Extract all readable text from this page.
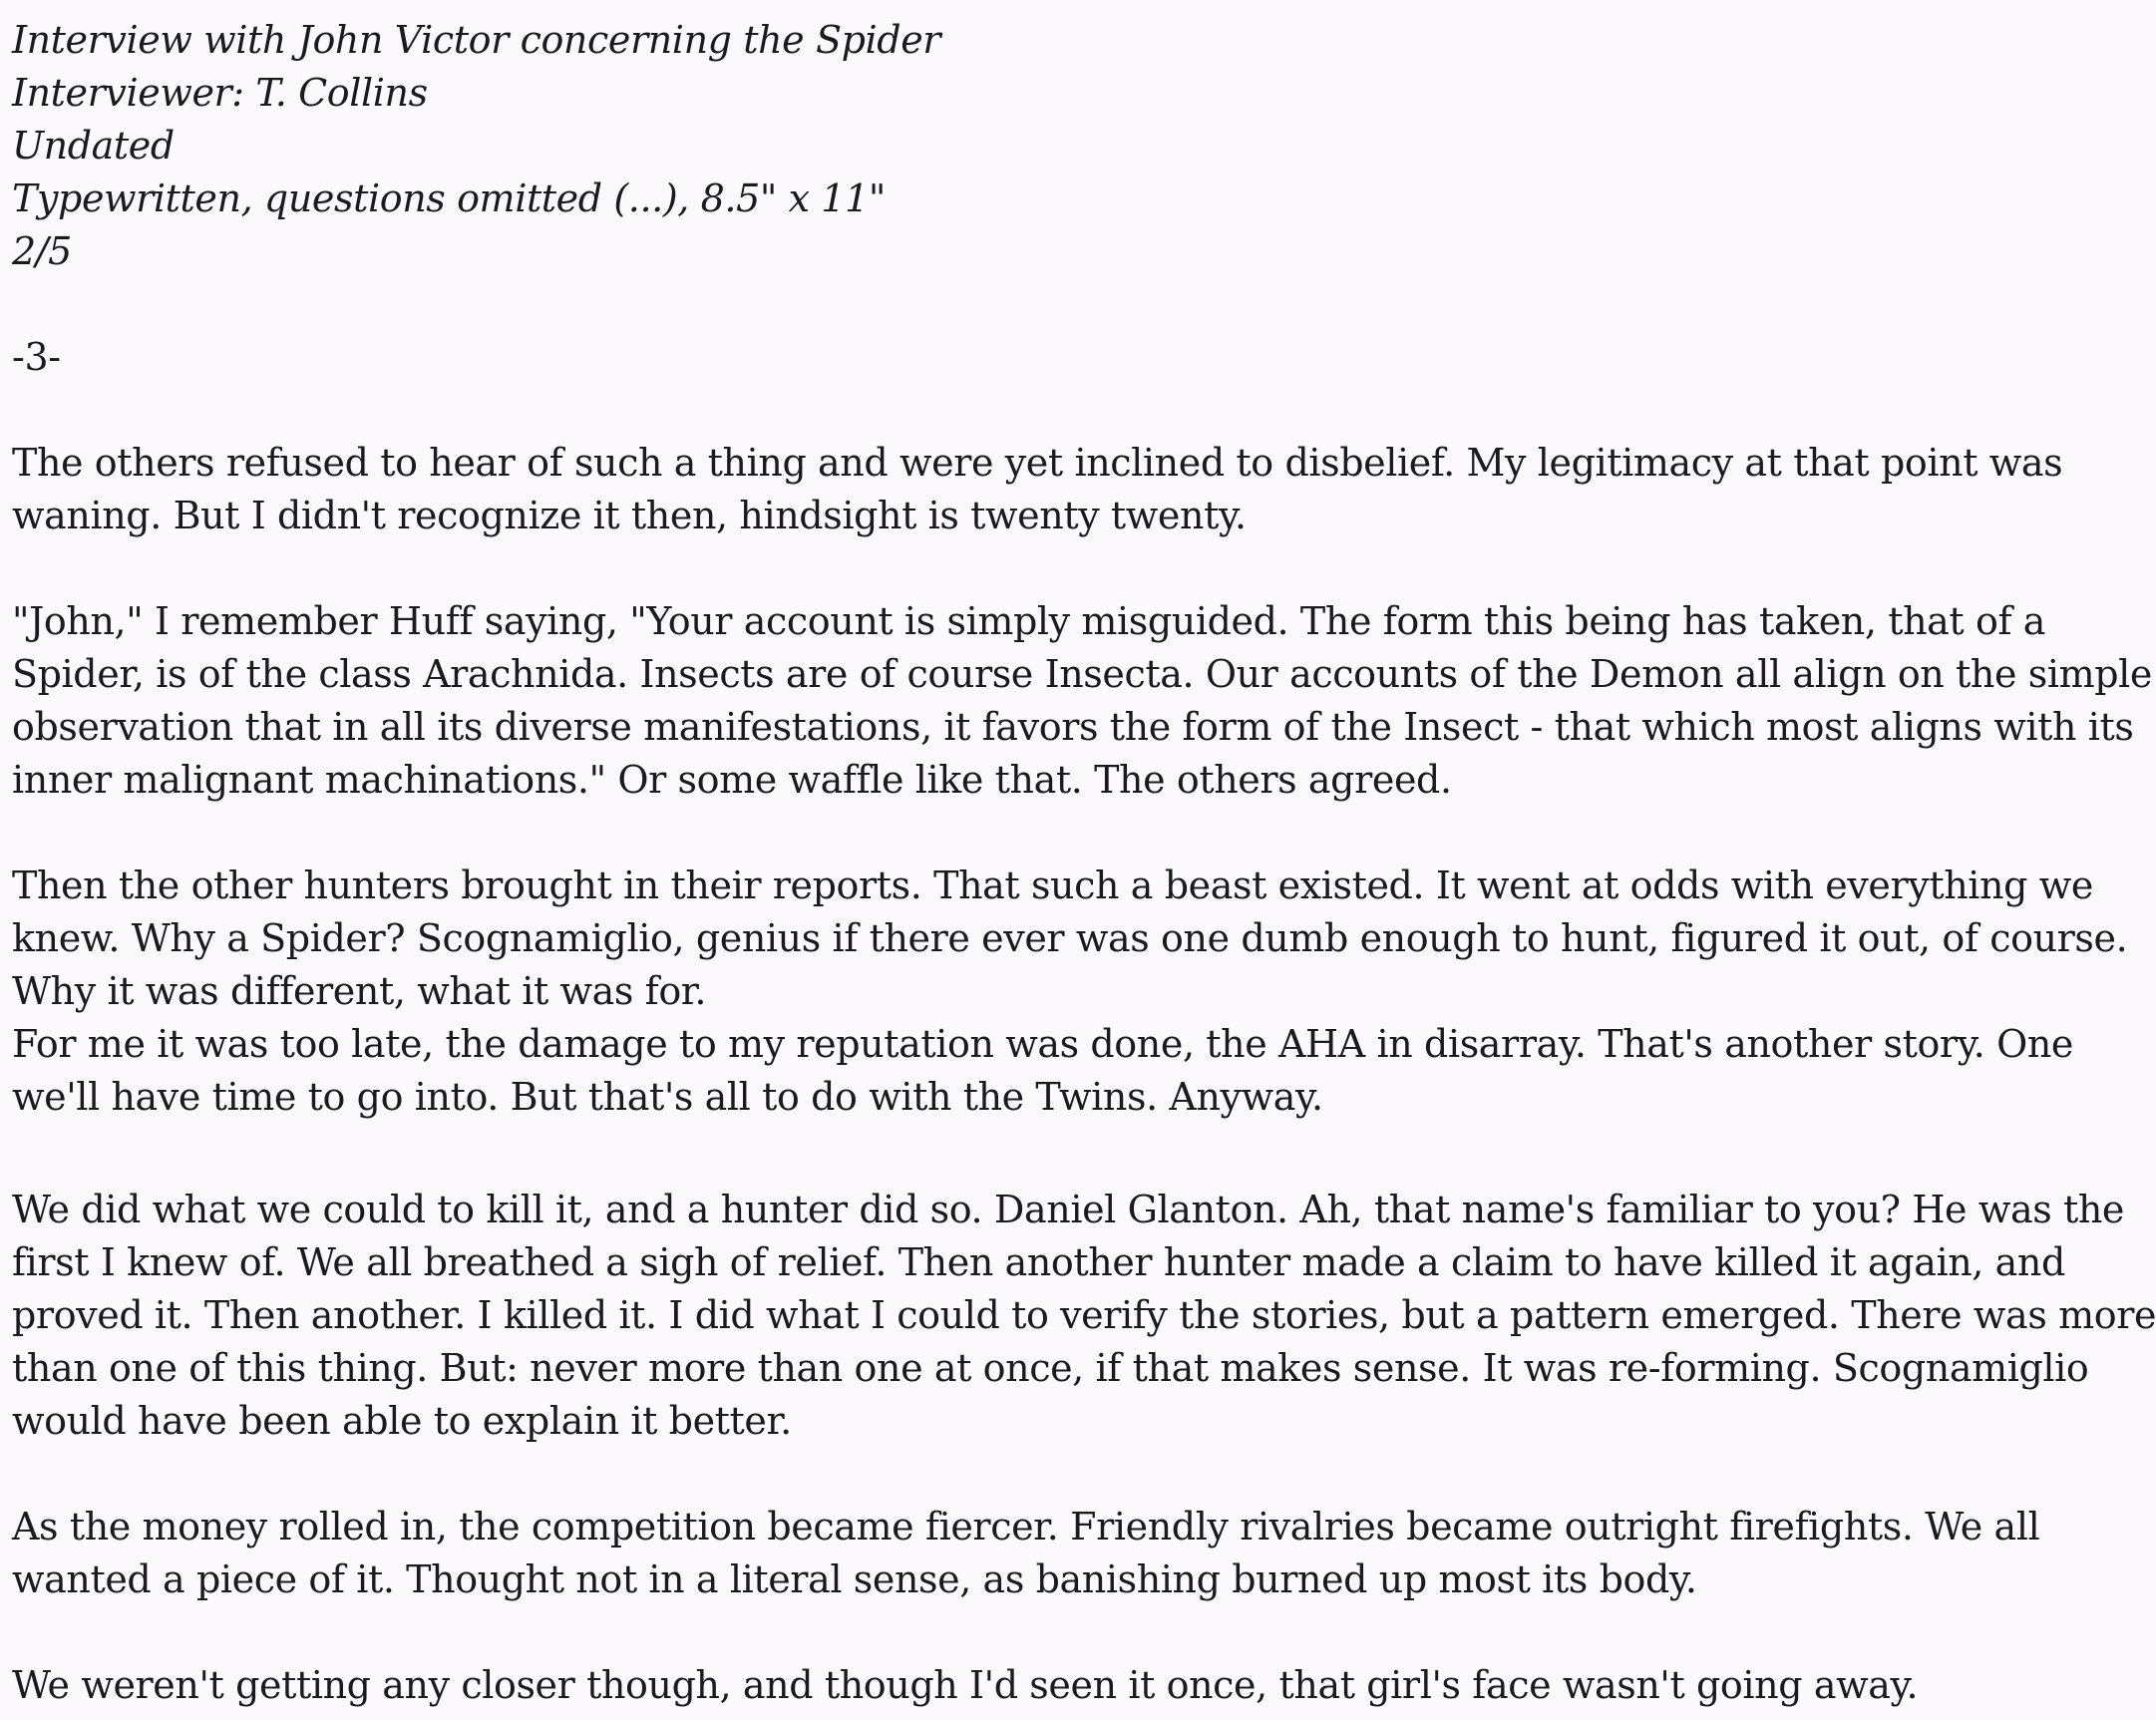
Interview with John Victor concerning the Spider
Interviewer: T. Collins
Undated
Typewritten, questions omitted (...), 8.5" x 11"
2/5
-3-
The others refused to hear of such a thing and were yet inclined to disbelief. My legitimacy at that point was
waning. But I didn't recognize it then, hindsight is twenty twenty.
"John," I remember Huff saying, "Your account is simply misguided. The form this being has taken, that of a
Spider, is of the class Arachnida. Insects are of course Insecta. Our accounts of the Demon all align on the simple
observation that in all its diverse manifestations, it favors the form of the Insect - that which most aligns with its
inner malignant machinations." Or some waffle like that. The others agreed.
Then the other hunters brought in their reports. That such a beast existed. It went at odds with everything we
knew. Why a Spider? Scognamiglio, genius if there ever was one dumb enough to hunt, figured it out, of course.
Why it was different, what it was for.
For me it was too late, the damage to my reputation was done, the AHA in disarray. That's another story. One
we'll have time to go into. But that's all to do with the Twins. Anyway.
We did what we could to kill it, and a hunter did so. Daniel Glanton. Ah, that name's familiar to you? He was the
first I knew of. We all breathed a sigh of relief. Then another hunter made a claim to have killed it again, and
proved it. Then another. I killed it. I did what I could to verify the stories, but a pattern emerged. There was more
than one of this thing. But: never more than one at once, if that makes sense. It was re-forming. Scognamiglio
would have been able to explain it better.
As the money rolled in, the competition became fiercer. Friendly rivalries became outright firefights. We all
wanted a piece of it. Thought not in a literal sense, as banishing burned up most its body.
We weren't getting any closer though, and though I'd seen it once, that girl's face wasn't going away.
